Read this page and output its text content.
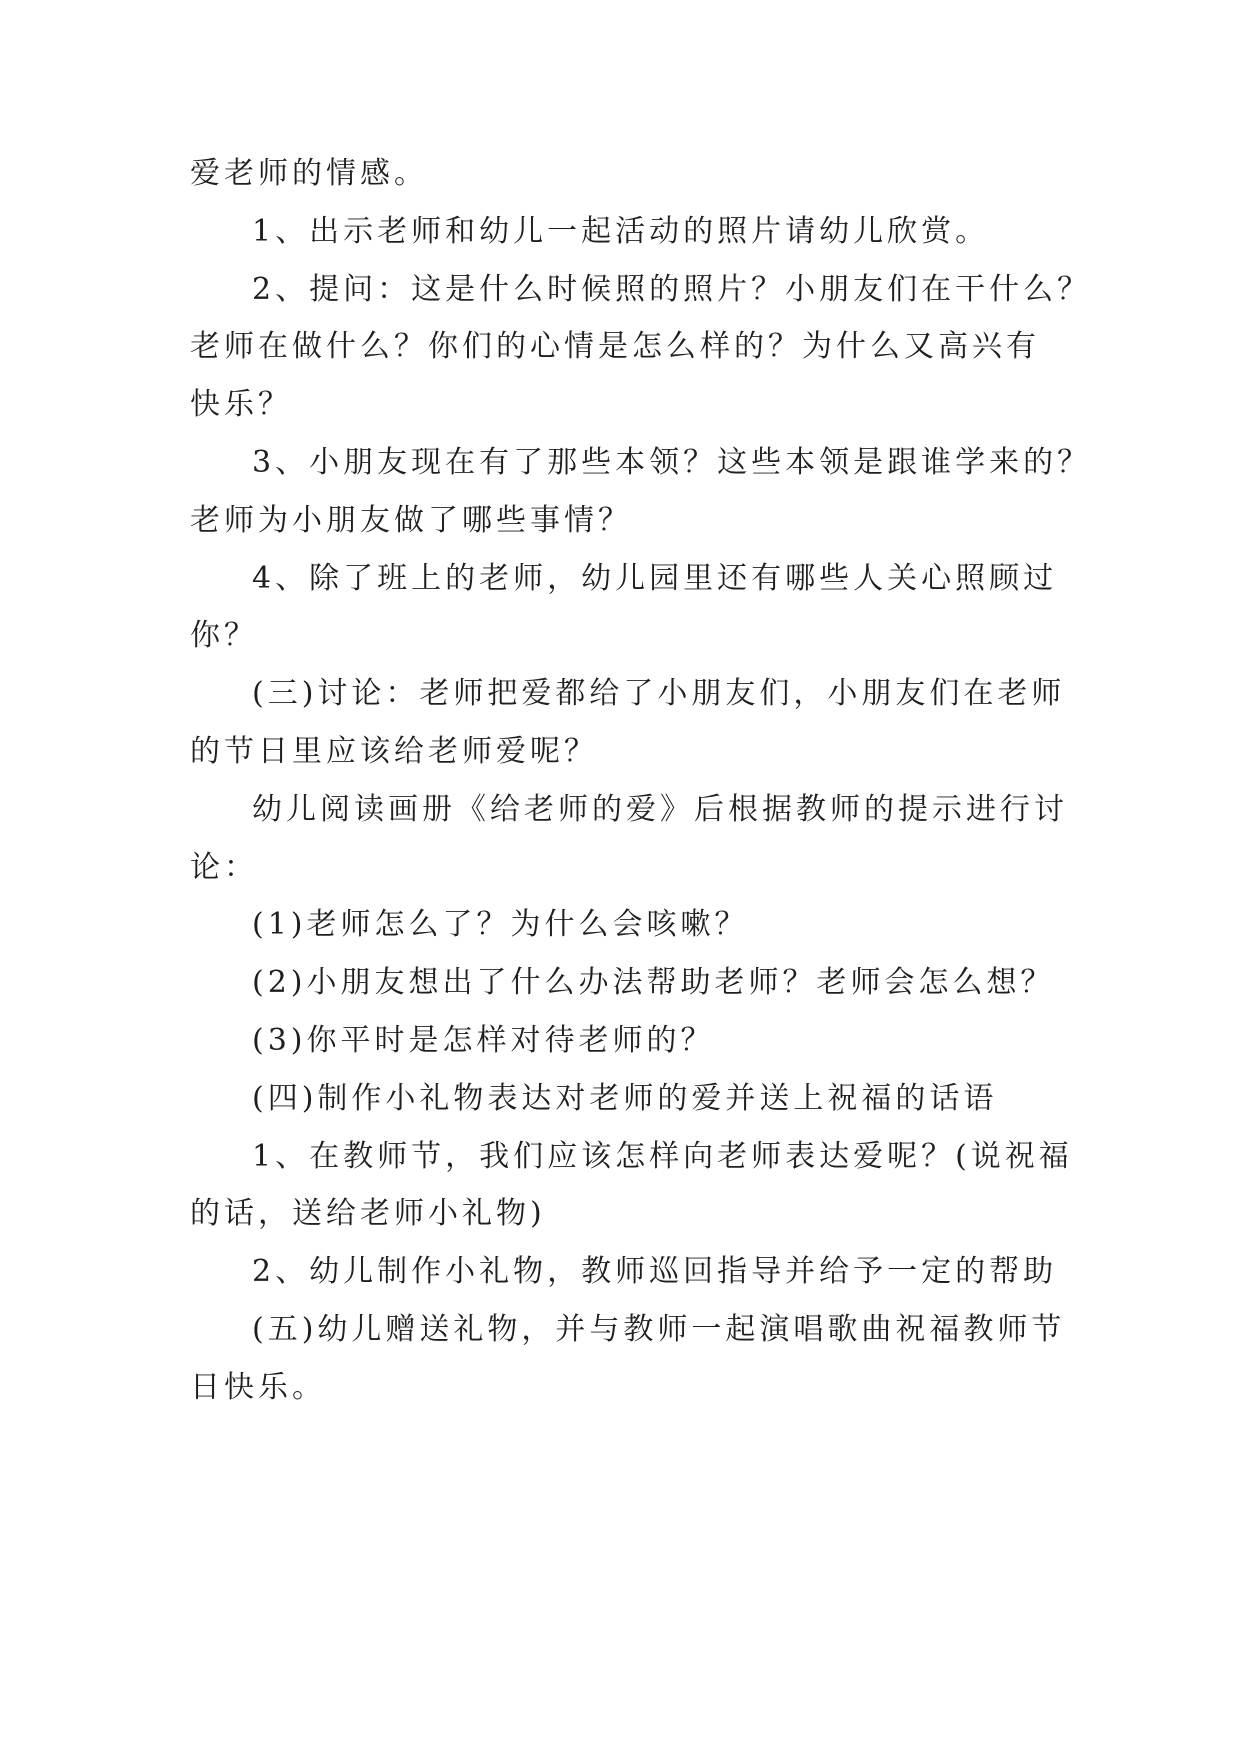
爱老师的情感。
1、出示老师和幼儿一起活动的照片请幼儿欣赏。
2、提问：这是什么时候照的照片？小朋友们在干什么？
老师在做什么？你们的心情是怎么样的？为什么又高兴有
快乐？
3、小朋友现在有了那些本领？这些本领是跟谁学来的？
老师为小朋友做了哪些事情？
4、除了班上的老师，幼儿园里还有哪些人关心照顾过
你？
(三)讨论：老师把爱都给了小朋友们，小朋友们在老师
的节日里应该给老师爱呢？
幼儿阅读画册《给老师的爱》后根据教师的提示进行讨
论：
(1)老师怎么了？为什么会咳嗽？
(2)小朋友想出了什么办法帮助老师？老师会怎么想？
(3)你平时是怎样对待老师的？
(四)制作小礼物表达对老师的爱并送上祝福的话语
1、在教师节，我们应该怎样向老师表达爱呢？(说祝福
的话，送给老师小礼物)
2、幼儿制作小礼物，教师巡回指导并给予一定的帮助
(五)幼儿赠送礼物，并与教师一起演唱歌曲祝福教师节
日快乐。
